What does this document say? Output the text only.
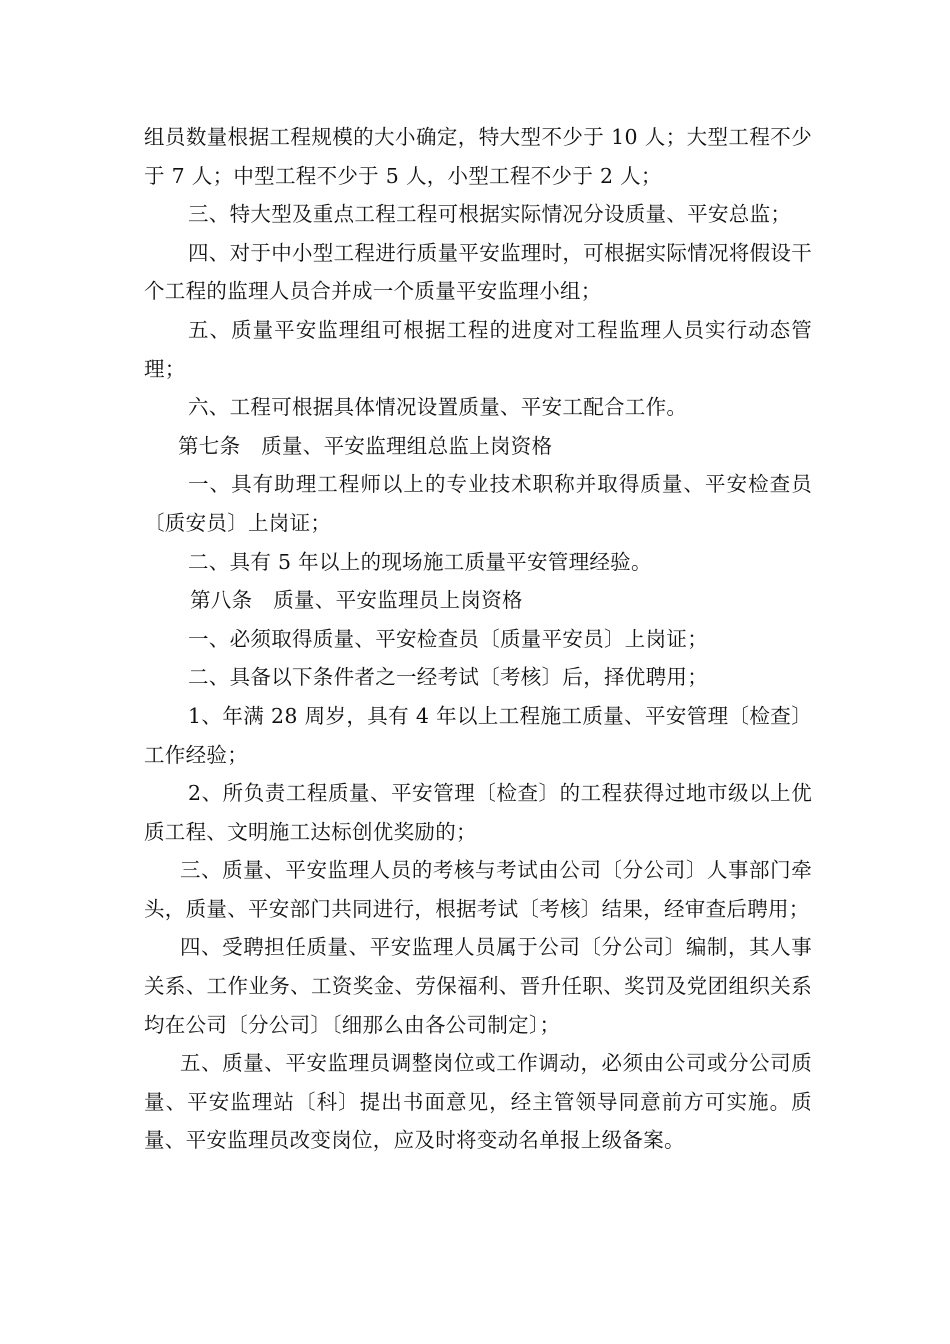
组员数量根据工程规模的大小确定，特大型不少于 10 人；大型工程不少于 7 人；中型工程不少于 5 人，小型工程不少于 2 人；

三、特大型及重点工程工程可根据实际情况分设质量、平安总监；

四、对于中小型工程进行质量平安监理时，可根据实际情况将假设干个工程的监理人员合并成一个质量平安监理小组；

五、质量平安监理组可根据工程的进度对工程监理人员实行动态管理；

六、工程可根据具体情况设置质量、平安工配合工作。

第七条　质量、平安监理组总监上岗资格

一、具有助理工程师以上的专业技术职称并取得质量、平安检查员〔质安员〕上岗证；

二、具有 5 年以上的现场施工质量平安管理经验。

第八条　质量、平安监理员上岗资格

一、必须取得质量、平安检查员〔质量平安员〕上岗证；

二、具备以下条件者之一经考试〔考核〕后，择优聘用；

1、年满 28 周岁，具有 4 年以上工程施工质量、平安管理〔检查〕工作经验；

2、所负责工程质量、平安管理〔检查〕的工程获得过地市级以上优质工程、文明施工达标创优奖励的；

三、质量、平安监理人员的考核与考试由公司〔分公司〕人事部门牵头，质量、平安部门共同进行，根据考试〔考核〕结果，经审查后聘用；

四、受聘担任质量、平安监理人员属于公司〔分公司〕编制，其人事关系、工作业务、工资奖金、劳保福利、晋升任职、奖罚及党团组织关系均在公司〔分公司〕〔细那么由各公司制定〕；

五、质量、平安监理员调整岗位或工作调动，必须由公司或分公司质量、平安监理站〔科〕提出书面意见，经主管领导同意前方可实施。质量、平安监理员改变岗位，应及时将变动名单报上级备案。
